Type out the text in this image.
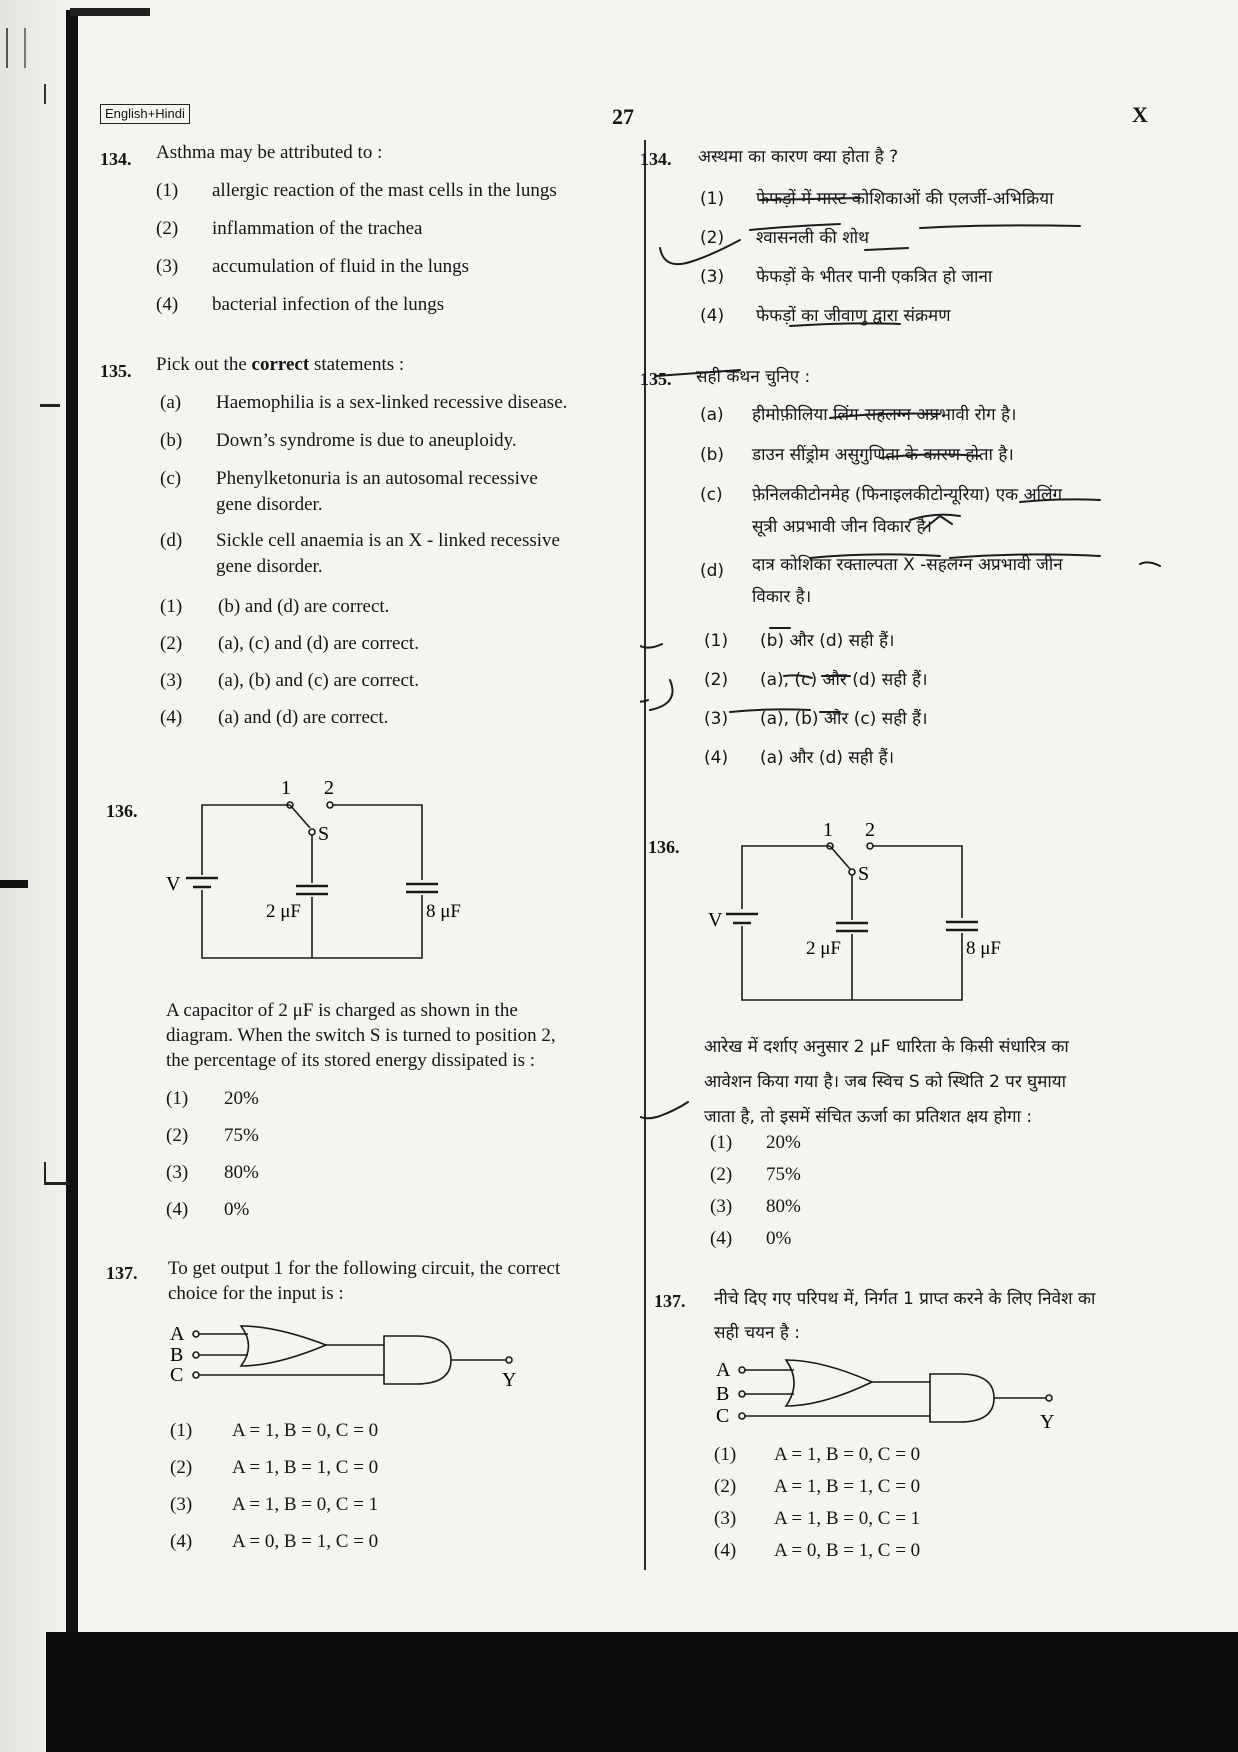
English+Hindi	27	X
134. Asthma may be attributed to :
(1) allergic reaction of the mast cells in the lungs
(2) inflammation of the trachea
(3) accumulation of fluid in the lungs
(4) bacterial infection of the lungs
135. Pick out the correct statements :
(a) Haemophilia is a sex-linked recessive disease.
(b) Down’s syndrome is due to aneuploidy.
(c) Phenylketonuria is an autosomal recessive
gene disorder.
(d) Sickle cell anaemia is an X - linked recessive
gene disorder.
(1) (b) and (d) are correct.
(2) (a), (c) and (d) are correct.
(3) (a), (b) and (c) are correct.
(4) (a) and (d) are correct.
136.
1 2
S
V
2 μF	8 μF
A capacitor of 2 μF is charged as shown in the
diagram. When the switch S is turned to position 2,
the percentage of its stored energy dissipated is :
(1) 20%
(2) 75%
(3) 80%
(4) 0%
137. To get output 1 for the following circuit, the correct
choice for the input is :
A
B
C	Y
(1) A = 1, B = 0, C = 0
(2) A = 1, B = 1, C = 0
(3) A = 1, B = 0, C = 1
(4) A = 0, B = 1, C = 0
134. अस्थमा का कारण क्या होता है ?
(1) फेफड़ों में मास्ट कोशिकाओं की एलर्जी-अभिक्रिया
(2) श्वासनली की शोथ
(3) फेफड़ों के भीतर पानी एकत्रित हो जाना
(4) फेफड़ों का जीवाणु द्वारा संक्रमण
135. सही कथन चुनिए :
(a) हीमोफ़ीलिया लिंग-सहलग्न अप्रभावी रोग है।
(b) डाउन सींड्रोम असुगुणिता के कारण होता है।
(c) फ़ेनिलकीटोनमेह (फिनाइलकीटोन्यूरिया) एक अलिंग
सूत्री अप्रभावी जीन विकार है।
(d) दात्र कोशिका रक्ताल्पता X -सहलग्न अप्रभावी जीन
विकार है।
(1) (b) और (d) सही हैं।
(2) (a), (c) और (d) सही हैं।
(3) (a), (b) और (c) सही हैं।
(4) (a) और (d) सही हैं।
136.
1 2
S
V
2 μF	8 μF
आरेख में दर्शाए अनुसार 2 μF धारिता के किसी संधारित्र का
आवेशन किया गया है। जब स्विच S को स्थिति 2 पर घुमाया
जाता है, तो इसमें संचित ऊर्जा का प्रतिशत क्षय होगा :
(1) 20%
(2) 75%
(3) 80%
(4) 0%
137. नीचे दिए गए परिपथ में, निर्गत 1 प्राप्त करने के लिए निवेश का
सही चयन है :
A
B
C	Y
(1) A = 1, B = 0, C = 0
(2) A = 1, B = 1, C = 0
(3) A = 1, B = 0, C = 1
(4) A = 0, B = 1, C = 0
